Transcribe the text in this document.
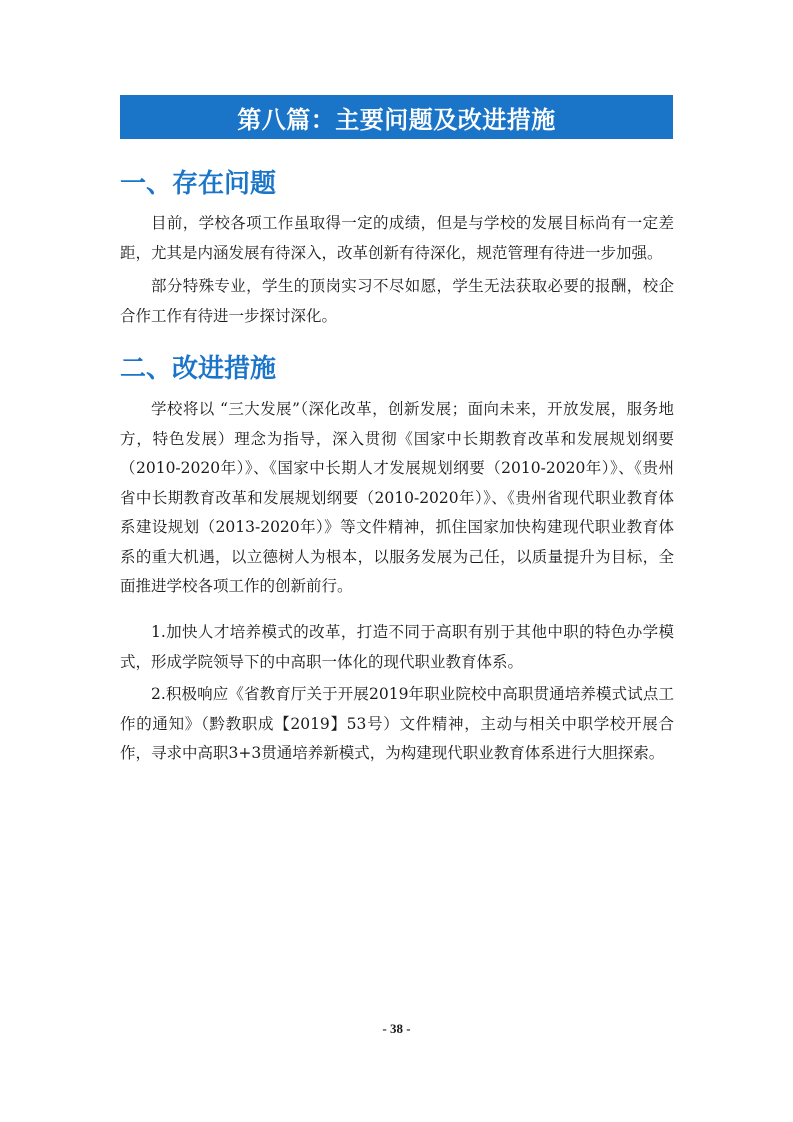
第八篇：主要问题及改进措施
一、存在问题

目前，学校各项工作虽取得一定的成绩，但是与学校的发展目标尚有一定差距，尤其是内涵发展有待深入，改革创新有待深化，规范管理有待进一步加强。

部分特殊专业，学生的顶岗实习不尽如愿，学生无法获取必要的报酬，校企合作工作有待进一步探讨深化。

二、改进措施

学校将以 “三大发展”（深化改革，创新发展；面向未来，开放发展，服务地方，特色发展）理念为指导，深入贯彻《国家中长期教育改革和发展规划纲要（2010-2020年）》、《国家中长期人才发展规划纲要（2010-2020年）》、《贵州省中长期教育改革和发展规划纲要（2010-2020年）》、《贵州省现代职业教育体系建设规划（2013-2020年）》等文件精神，抓住国家加快构建现代职业教育体系的重大机遇，以立德树人为根本，以服务发展为己任，以质量提升为目标，全面推进学校各项工作的创新前行。

1.加快人才培养模式的改革，打造不同于高职有别于其他中职的特色办学模式，形成学院领导下的中高职一体化的现代职业教育体系。

2.积极响应《省教育厅关于开展2019年职业院校中高职贯通培养模式试点工作的通知》（黔教职成【2019】53号）文件精神，主动与相关中职学校开展合作，寻求中高职3+3贯通培养新模式，为构建现代职业教育体系进行大胆探索。

- 38 -
